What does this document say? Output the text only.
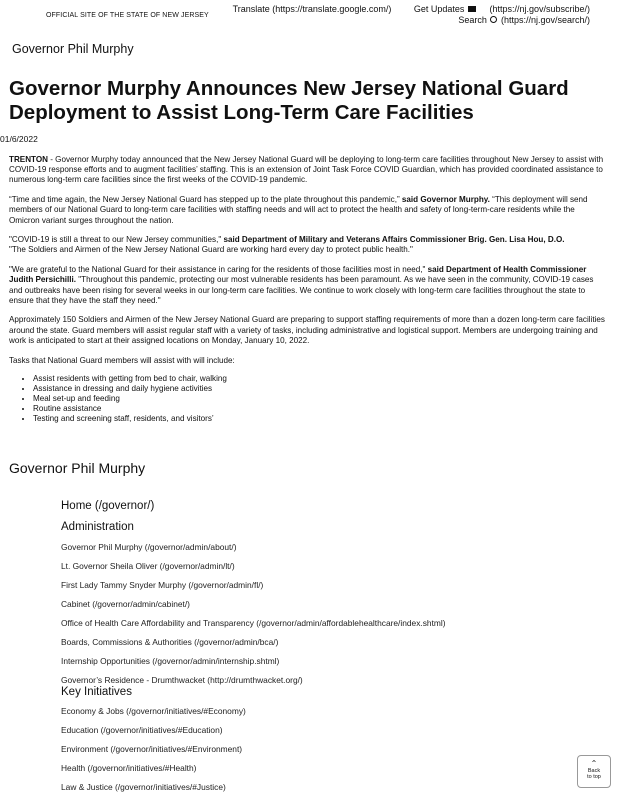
OFFICIAL SITE OF THE STATE OF NEW JERSEY
Translate (https://translate.google.com/)	Get Updates	(https://nj.gov/subscribe/)
Search (https://nj.gov/search/)
Governor Phil Murphy
Governor Murphy Announces New Jersey National Guard Deployment to Assist Long-Term Care Facilities
01/6/2022

TRENTON - Governor Murphy today announced that the New Jersey National Guard will be deploying to long-term care facilities throughout New Jersey to assist with COVID-19 response efforts and to augment facilities’ staffing. This is an extension of Joint Task Force COVID Guardian, which has provided coordinated assistance to numerous long-term care facilities since the first weeks of the COVID-19 pandemic.

“Time and time again, the New Jersey National Guard has stepped up to the plate throughout this pandemic,” said Governor Murphy. “This deployment will send members of our National Guard to long-term care facilities with staffing needs and will act to protect the health and safety of long-term-care residents while the Omicron variant surges throughout the nation.

"COVID-19 is still a threat to our New Jersey communities," said Department of Military and Veterans Affairs Commissioner Brig. Gen. Lisa Hou, D.O.
"The Soldiers and Airmen of the New Jersey National Guard are working hard every day to protect public health."

"We are grateful to the National Guard for their assistance in caring for the residents of those facilities most in need," said Department of Health Commissioner Judith Persichilli. "Throughout this pandemic, protecting our most vulnerable residents has been paramount. As we have seen in the community, COVID-19 cases and outbreaks have been rising for several weeks in our long-term care facilities. We continue to work closely with long-term care facilities throughout the state to ensure that they have the staff they need."

Approximately 150 Soldiers and Airmen of the New Jersey National Guard are preparing to support staffing requirements of more than a dozen long-term care facilities around the state. Guard members will assist regular staff with a variety of tasks, including administrative and logistical support. Members are undergoing training and work is anticipated to start at their assigned locations on Monday, January 10, 2022.

Tasks that National Guard members will assist with will include:

• Assist residents with getting from bed to chair, walking
• Assistance in dressing and daily hygiene activities
• Meal set-up and feeding
• Routine assistance
• Testing and screening staff, residents, and visitors’
Governor Phil Murphy
Home (/governor/)
Administration
Governor Phil Murphy (/governor/admin/about/)
Lt. Governor Sheila Oliver (/governor/admin/lt/)
First Lady Tammy Snyder Murphy (/governor/admin/fl/)
Cabinet (/governor/admin/cabinet/)
Office of Health Care Affordability and Transparency (/governor/admin/affordablehealthcare/index.shtml)
Boards, Commissions & Authorities (/governor/admin/bca/)
Internship Opportunities (/governor/admin/internship.shtml)
Governor’s Residence - Drumthwacket (http://drumthwacket.org/)
Key Initiatives
Economy & Jobs (/governor/initiatives/#Economy)
Education (/governor/initiatives/#Education)
Environment (/governor/initiatives/#Environment)
Health (/governor/initiatives/#Health)
Law & Justice (/governor/initiatives/#Justice)
⌃
Back
to top
